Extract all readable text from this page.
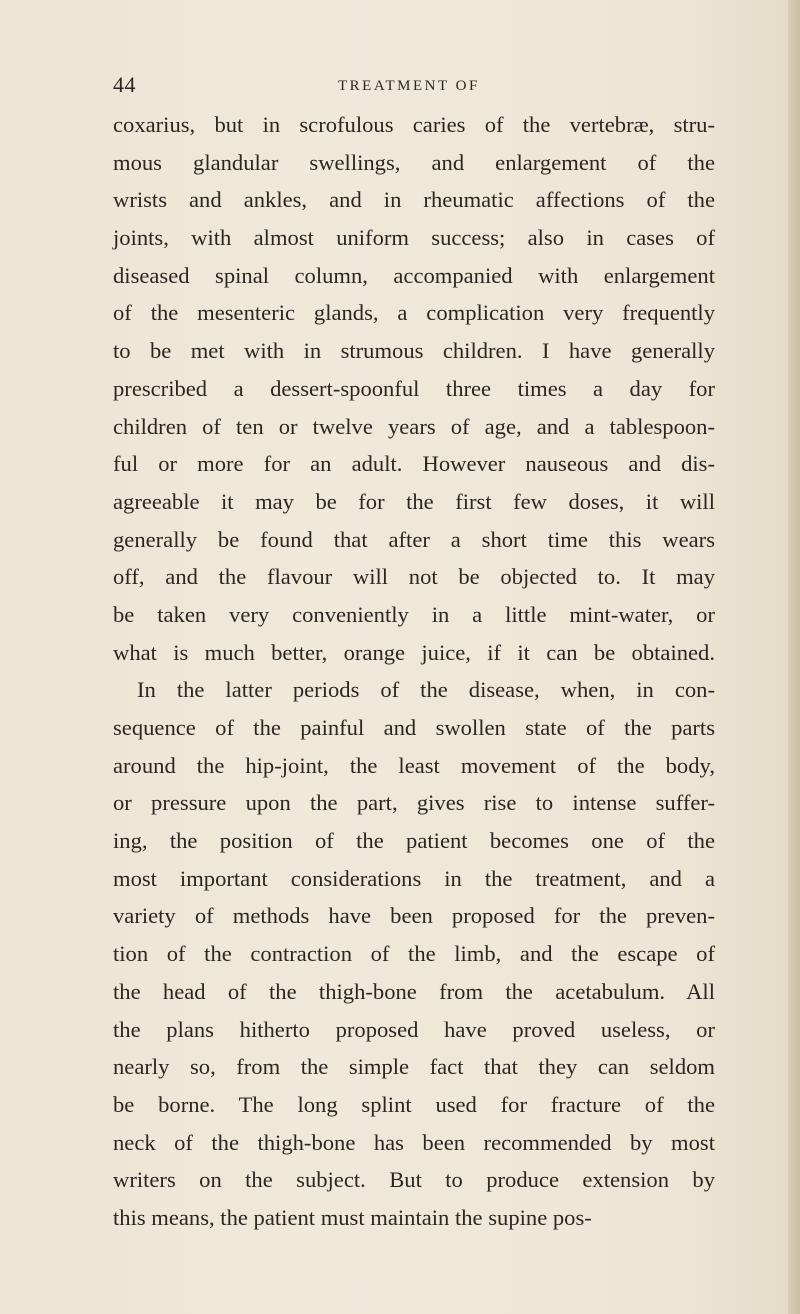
44	TREATMENT OF
coxarius, but in scrofulous caries of the vertebræ, stru-
mous glandular swellings, and enlargement of the
wrists and ankles, and in rheumatic affections of the
joints, with almost uniform success; also in cases of
diseased spinal column, accompanied with enlargement
of the mesenteric glands, a complication very frequently
to be met with in strumous children. I have generally
prescribed a dessert-spoonful three times a day for
children of ten or twelve years of age, and a tablespoon-
ful or more for an adult. However nauseous and dis-
agreeable it may be for the first few doses, it will
generally be found that after a short time this wears
off, and the flavour will not be objected to. It may
be taken very conveniently in a little mint-water, or
what is much better, orange juice, if it can be obtained.
In the latter periods of the disease, when, in con-
sequence of the painful and swollen state of the parts
around the hip-joint, the least movement of the body,
or pressure upon the part, gives rise to intense suffer-
ing, the position of the patient becomes one of the
most important considerations in the treatment, and a
variety of methods have been proposed for the preven-
tion of the contraction of the limb, and the escape of
the head of the thigh-bone from the acetabulum. All
the plans hitherto proposed have proved useless, or
nearly so, from the simple fact that they can seldom
be borne. The long splint used for fracture of the
neck of the thigh-bone has been recommended by most
writers on the subject. But to produce extension by
this means, the patient must maintain the supine pos-
